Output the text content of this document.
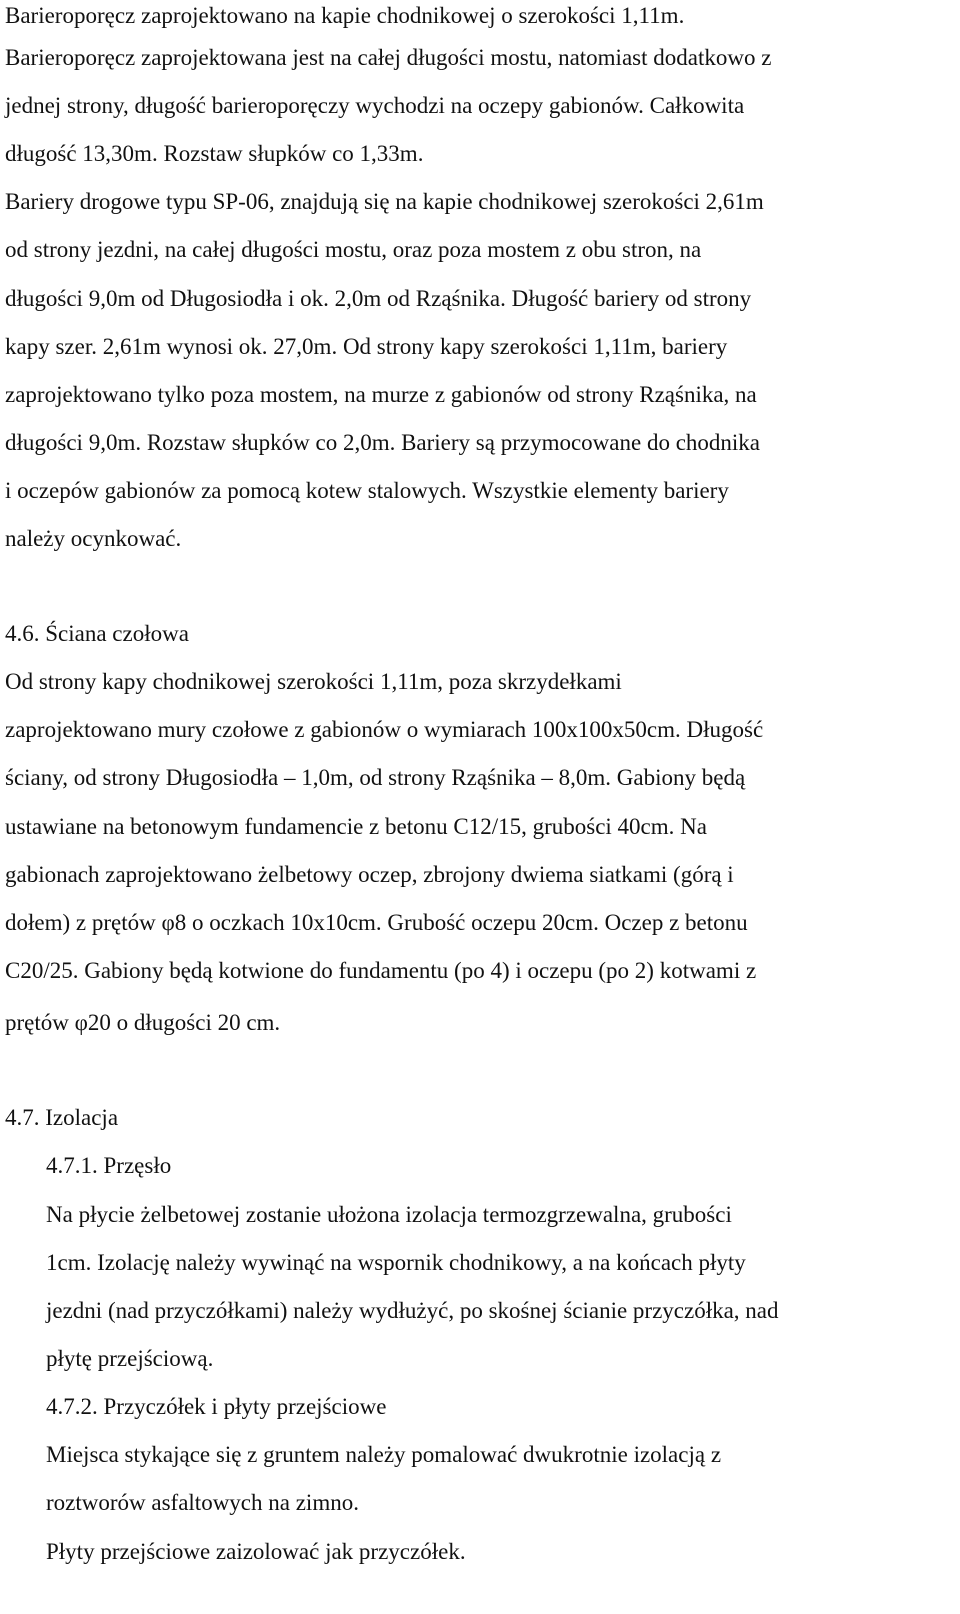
Barieroporęcz zaprojektowano na kapie chodnikowej o szerokości 1,11m.
Barieroporęcz zaprojektowana jest na całej długości mostu, natomiast dodatkowo z
jednej strony, długość barieroporęczy wychodzi na oczepy gabionów. Całkowita
długość 13,30m. Rozstaw słupków co 1,33m.
Bariery drogowe typu SP-06, znajdują się na kapie chodnikowej szerokości 2,61m
od strony jezdni, na całej długości mostu, oraz poza mostem z obu stron, na
długości 9,0m od Długosiodła i ok. 2,0m od Rząśnika. Długość bariery od strony
kapy szer. 2,61m wynosi ok. 27,0m. Od strony kapy szerokości 1,11m, bariery
zaprojektowano tylko poza mostem, na murze z gabionów od strony Rząśnika, na
długości 9,0m. Rozstaw słupków co 2,0m. Bariery są przymocowane do chodnika
i oczepów gabionów za pomocą kotew stalowych. Wszystkie elementy bariery
należy ocynkować.
4.6. Ściana czołowa
Od strony kapy chodnikowej szerokości 1,11m, poza skrzydełkami
zaprojektowano mury czołowe z gabionów o wymiarach 100x100x50cm. Długość
ściany, od strony Długosiodła – 1,0m, od strony Rząśnika – 8,0m. Gabiony będą
ustawiane na betonowym fundamencie z betonu C12/15, grubości 40cm. Na
gabionach zaprojektowano żelbetowy oczep, zbrojony dwiema siatkami (górą i
dołem) z prętów φ8 o oczkach 10x10cm. Grubość oczepu 20cm. Oczep z betonu
C20/25. Gabiony będą kotwione do fundamentu (po 4) i oczepu (po 2) kotwami z
prętów φ20 o długości 20 cm.
4.7. Izolacja
4.7.1. Przęsło
Na płycie żelbetowej zostanie ułożona izolacja termozgrzewalna, grubości
1cm. Izolację należy wywinąć na wspornik chodnikowy, a na końcach płyty
jezdni (nad przyczółkami) należy wydłużyć, po skośnej ścianie przyczółka, nad
płytę przejściową.
4.7.2. Przyczółek i płyty przejściowe
Miejsca stykające się z gruntem należy pomalować dwukrotnie izolacją z
roztworów asfaltowych na zimno.
Płyty przejściowe zaizolować jak przyczółek.
